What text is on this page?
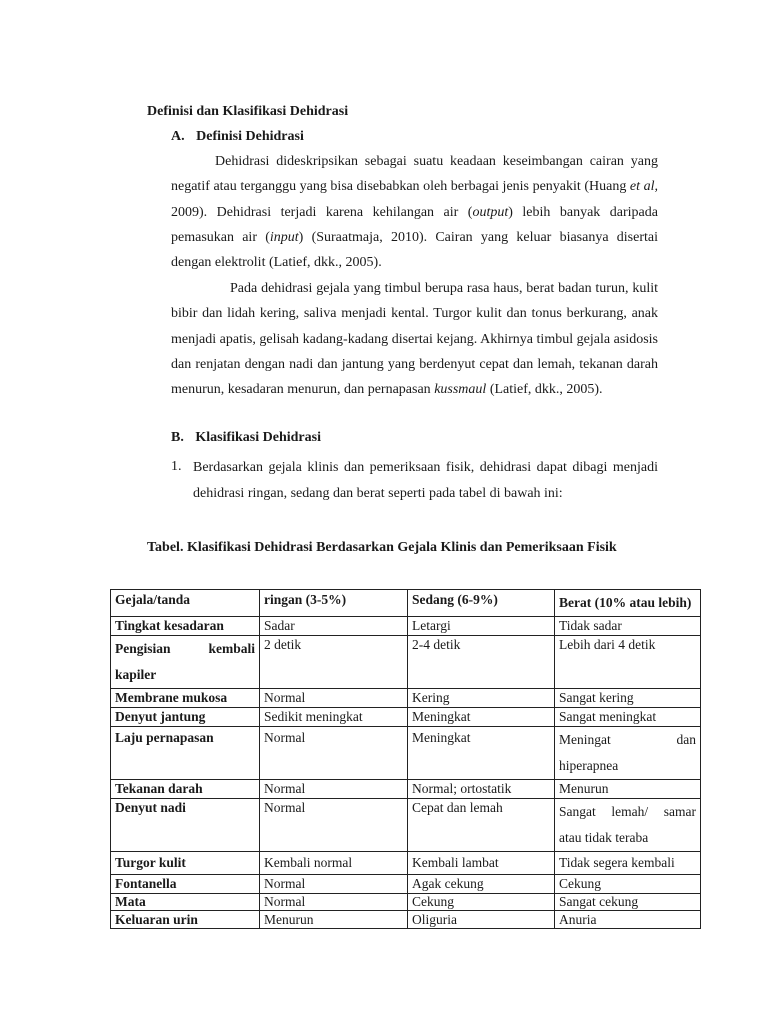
Definisi dan Klasifikasi Dehidrasi
A. Definisi Dehidrasi
Dehidrasi dideskripsikan sebagai suatu keadaan keseimbangan cairan yang negatif atau terganggu yang bisa disebabkan oleh berbagai jenis penyakit (Huang et al, 2009). Dehidrasi terjadi karena kehilangan air (output) lebih banyak daripada pemasukan air (input) (Suraatmaja, 2010). Cairan yang keluar biasanya disertai dengan elektrolit (Latief, dkk., 2005).
Pada dehidrasi gejala yang timbul berupa rasa haus, berat badan turun, kulit bibir dan lidah kering, saliva menjadi kental. Turgor kulit dan tonus berkurang, anak menjadi apatis, gelisah kadang-kadang disertai kejang. Akhirnya timbul gejala asidosis dan renjatan dengan nadi dan jantung yang berdenyut cepat dan lemah, tekanan darah menurun, kesadaran menurun, dan pernapasan kussmaul (Latief, dkk., 2005).
B. Klasifikasi Dehidrasi
1. Berdasarkan gejala klinis dan pemeriksaan fisik, dehidrasi dapat dibagi menjadi dehidrasi ringan, sedang dan berat seperti pada tabel di bawah ini:
Tabel. Klasifikasi Dehidrasi Berdasarkan Gejala Klinis dan Pemeriksaan Fisik
Gejala/tanda	ringan (3-5%)	Sedang (6-9%)	Berat (10% atau lebih)
Tingkat kesadaran	Sadar	Letargi	Tidak sadar
Pengisian kembali kapiler	2 detik	2-4 detik	Lebih dari 4 detik
Membrane mukosa	Normal	Kering	Sangat kering
Denyut jantung	Sedikit meningkat	Meningkat	Sangat meningkat
Laju pernapasan	Normal	Meningkat	Meningat dan hiperapnea
Tekanan darah	Normal	Normal; ortostatik	Menurun
Denyut nadi	Normal	Cepat dan lemah	Sangat lemah/ samar atau tidak teraba
Turgor kulit	Kembali normal	Kembali lambat	Tidak segera kembali
Fontanella	Normal	Agak cekung	Cekung
Mata	Normal	Cekung	Sangat cekung
Keluaran urin	Menurun	Oliguria	Anuria
